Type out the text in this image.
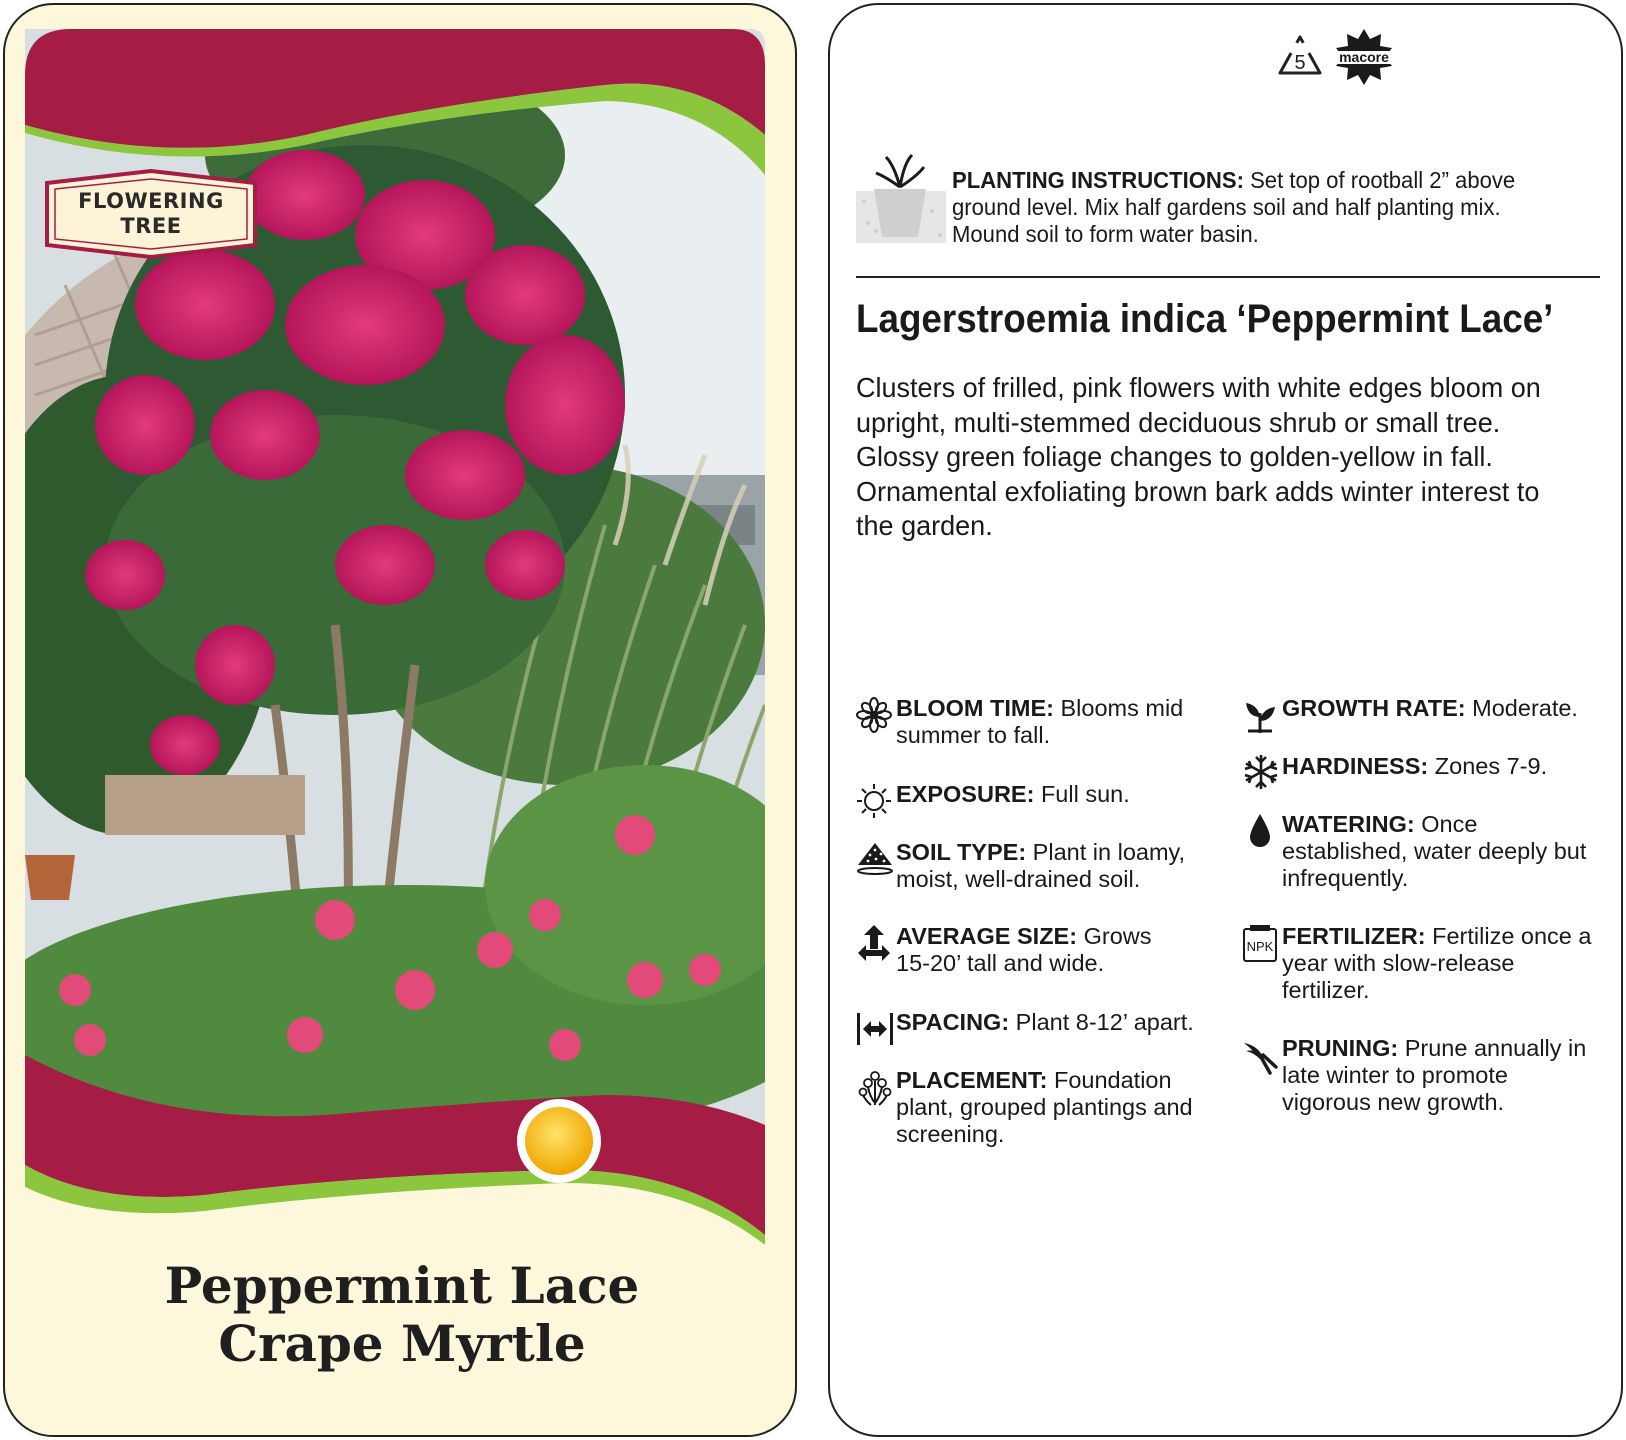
FLOWERING
TREE
Peppermint Lace
Crape Myrtle
5 macore
PLANTING INSTRUCTIONS: Set top of rootball 2” above ground level. Mix half gardens soil and half planting mix. Mound soil to form water basin.
Lagerstroemia indica ‘Peppermint Lace’
Clusters of frilled, pink flowers with white edges bloom on upright, multi-stemmed deciduous shrub or small tree. Glossy green foliage changes to golden-yellow in fall. Ornamental exfoliating brown bark adds winter interest to the garden.
BLOOM TIME: Blooms mid summer to fall.
EXPOSURE: Full sun.
SOIL TYPE: Plant in loamy, moist, well-drained soil.
AVERAGE SIZE: Grows 15-20’ tall and wide.
SPACING: Plant 8-12’ apart.
PLACEMENT: Foundation plant, grouped plantings and screening.
GROWTH RATE: Moderate.
HARDINESS: Zones 7-9.
WATERING: Once established, water deeply but infrequently.
NPK FERTILIZER: Fertilize once a year with slow-release fertilizer.
PRUNING: Prune annually in late winter to promote vigorous new growth.
